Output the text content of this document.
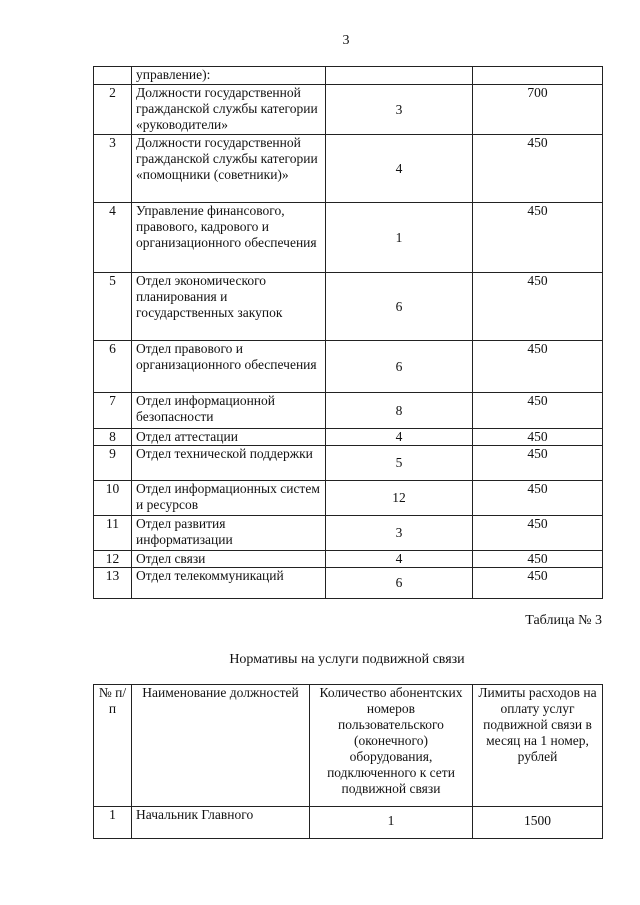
3
	управление):		
2	Должности государственной гражданской службы категории «руководители»	3	700
3	Должности государственной гражданской службы категории «помощники (советники)»	4	450
4	Управление финансового, правового, кадрового и организационного обеспечения	1	450
5	Отдел экономического планирования и государственных закупок	6	450
6	Отдел правового и организационного обеспечения	6	450
7	Отдел информационной безопасности	8	450
8	Отдел аттестации	4	450
9	Отдел технической поддержки	5	450
10	Отдел информационных систем и ресурсов	12	450
11	Отдел развития информатизации	3	450
12	Отдел связи	4	450
13	Отдел телекоммуникаций	6	450
Таблица № 3
Нормативы на услуги подвижной связи
№ п/п	Наименование должностей	Количество абонентских номеров пользовательского (оконечного) оборудования, подключенного к сети подвижной связи	Лимиты расходов на оплату услуг подвижной связи в месяц на 1 номер, рублей
1	Начальник Главного	1	1500
